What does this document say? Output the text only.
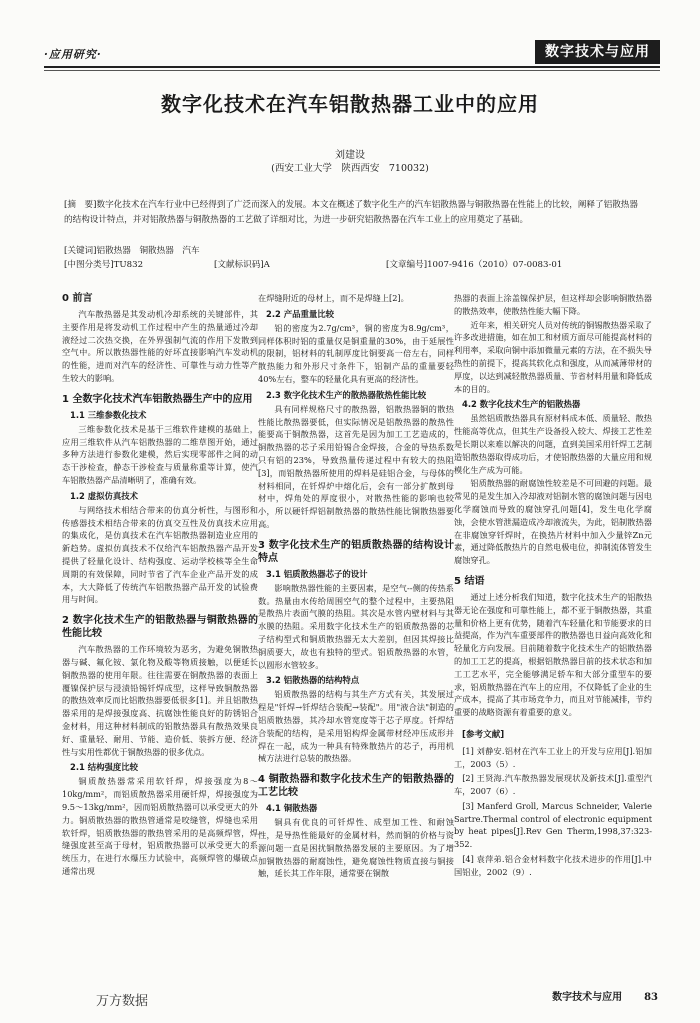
·应用研究·	数字技术与应用
数字化技术在汽车铝散热器工业中的应用
刘建设
(西安工业大学　陕西西安　710032)
[摘　要]数字化技术在汽车行业中已经得到了广泛而深入的发展。本文在概述了数字化生产的汽车铝散热器与铜散热器在性能上的比较，阐释了铝散热器的结构设计特点，并对铝散热器与铜散热器的工艺做了详细对比，为进一步研究铝散热器在汽车工业上的应用奠定了基础。
[关键词]铝散热器　铜散热器　汽车
[中图分类号]TU832	[文献标识码]A	[文章编号]1007-9416（2010）07-0083-01
0 前言

汽车散热器是其发动机冷却系统的关键部件，其主要作用是将发动机工作过程中产生的热量通过冷却液经过二次热交换，在外界强制气流的作用下发散到空气中。所以散热器性能的好坏直接影响汽车发动机的性能，进而对汽车的经济性、可靠性与动力性等产生较大的影响。

1 全数字化技术汽车铝散热器生产中的应用
1.1 三维参数化技术

三维参数化技术是基于三维软件建模的基础上，应用三维软件从汽车铝散热器的二维草图开始，通过多种方法进行参数化建模，然后实现零部件之间的动态干涉检查，静态干涉检查与质量称重等计算，使汽车铝散热器产品清晰明了，准确有效。

1.2 虚拟仿真技术

与网络技术相结合带来的仿真分析性，与图形和传感器技术相结合带来的仿真交互性及仿真技术应用的集成化，是仿真技术在汽车铝散热器制造业应用的新趋势。虚拟仿真技术不仅给汽车铝散热器产品开发提供了轻量化设计、结构强度、运动学校核等全生命周期的有效保障，同时节省了汽车企业产品开发的成本，大大降低了传统汽车铝散热器产品开发的试验费用与时间。

2 数字化技术生产的铝散热器与铜散热器的性能比较

汽车散热器的工作环境较为恶劣，为避免铜散热器与碱、氟化铵、氯化物及酸等物质接触，以便延长铜散热器的使用年限。往往需要在铜散热器的表面上覆镍保护层与浸渍铅锡钎焊成型，这样导致铜散热器的散热效率反而比铝散热器要低很多[1]。并且铝散热器采用的是焊接强度高、抗腐蚀性能良好的防锈铝合金材料，用这种材料制成的铝散热器具有散热效果良好、重量轻、耐用、节能、造价低、装拆方便、经济性与实用性都优于铜散热器的很多优点。

2.1 结构强度比较

铜质散热器常采用软钎焊，焊接强度为8～10kg/mm²，而铝质散热器采用硬钎焊，焊接强度为9.5～13kg/mm²，因而铝质散热器可以承受更大的外力。铜质散热器的散热管通常是咬缝管，焊缝也采用软钎焊，铝质散热器的散热管采用的是高频焊管，焊缝强度甚至高于母材，铝质散热器可以承受更大的系统压力，在进行水爆压力试验中，高频焊管的爆破点通常出现

在焊缝附近的母材上，而不是焊缝上[2]。

2.2 产品重量比较

铝的密度为2.7g/cm³，铜的密度为8.9g/cm³，同样体积时铝的重量仅是铜重量的30%，由于延展性的限制，铝材料的轧制厚度比铜要高一倍左右，同样散热能力和外形尺寸条件下，铝制产品的重量要轻40%左右，整车的轻量化具有更高的经济性。

2.3 数字化技术生产的散热器散热性能比较

具有同样规格尺寸的散热器，铝散热器铜的散热性能比散热器要低，但实际情况是铝散热器的散热性能要高于铜散热器，这首先是因为加工工艺造成的，铜散热器的芯子采用铅锡合金焊接，合金的导热系数只有铝的23%，导致热量传递过程中有较大的热阻[3]，而铝散热器所使用的焊料是硅铝合金，与母体的材料相同，在钎焊炉中熔化后，会有一部分扩散到母材中，焊角处的厚度很小，对散热性能的影响也较小，所以硬钎焊铝制散热器的散热性能比铜散热器要高。

3 数字化技术生产的铝质散热器的结构设计特点
3.1 铝质散热器芯子的设计

影响散热器性能的主要因素，是空气--侧的传热系数。热量由水传给周围空气的整个过程中，主要热阻是散热片表面气膜的热阻。其次是水管内壁材料与其水膜的热阻。采用数字化技术生产的铝质散热器的芯子结构型式和铜质散热器无太大差别，但因其焊接比铜质要大，故也有独特的型式。铝质散热器的水管，以圆形水管较多。

3.2 铝散热器的结构特点

铝质散热器的结构与其生产方式有关，其发展过程是"钎焊→钎焊结合装配→装配"。用"液合法"制造的铝质散热器，其冷却水管宽度等于芯子厚度。钎焊结合装配的结构，是采用铝构焊金属带材经冲压成形并焊在一起，成为一种具有特殊散热片的芯子，再用机械方法进行总装的散热器。

4 铜散热器和数字化技术生产的铝散热器的工艺比较
4.1 铜散热器

铜具有优良的可钎焊性、成型加工性、和耐蚀性，是导热性能最好的金属材料，然而铜的价格与资源问题一直是困扰铜散热器发展的主要原因。为了增加铜散热器的耐腐蚀性，避免腐蚀性物质直接与铜接触，延长其工作年限，通常要在铜散

热器的表面上涂盖镍保护层，但这样却会影响铜散热器的散热效率，使散热性能大幅下降。

近年来，相关研究人员对传统的铜锡散热器采取了许多改进措施，如在加工和材质方面尽可能提高材料的利用率，采取向铜中添加微量元素的方法，在不损失导热性的前提下，提高其软化点和强度，从而减薄带材的厚度，以达到减轻散热器质量、节省材料用量和降低成本的目的。

4.2 数字化技术生产的铝散热器

虽然铝质散热器具有原材料成本低、质量轻、散热性能高等优点，但其生产设备投入较大、焊接工艺性差是长期以来难以解决的问题，直到美国采用钎焊工艺制造铝散热器取得成功后，才使铝散热器的大量应用和规模化生产成为可能。

铝质散热器的耐腐蚀性较差是不可回避的问题。最常见的是发生加入冷却液对铝制水管的腐蚀问题与因电化学腐蚀而导致的腐蚀穿孔问题[4]，发生电化学腐蚀，会使水管泄漏造成冷却液流失，为此，铝制散热器在非腐蚀穿钎焊时，在换热片材料中加入少量锌Zn元素，通过降低散热片的自然电极电位，抑制流体管发生腐蚀穿孔。

5 结语

通过上述分析我们知道，数字化技术生产的铝散热器无论在强度和可靠性能上，都不亚于铜散热器，其重量和价格上更有优势，随着汽车轻量化和节能要求的日益提高，作为汽车重要部件的散热器也日益向高效化和轻量化方向发展。目前随着数字化技术生产的铝散热器的加工工艺的提高，根据铝散热器目前的技术状态和加工工艺水平，完全能够满足轿车和大部分重型车的要求，铝质散热器在汽车上的应用，不仅降低了企业的生产成本，提高了其市场竞争力，而且对节能减排，节约重要的战略资源有着重要的意义。

[参考文献]

[1] 刘静安.铝材在汽车工业上的开发与应用[J].铝加工，2003（5）.

[2] 王贤海.汽车散热器发展现状及新技术[J].重型汽车，2007（6）.

[3] Manferd Groll, Marcus Schneider, Valerie Sartre.Thermal control of electronic equipment by heat pipes[J].Rev Gen Therm,1998,37:323-352.

[4] 袁萍弟.铝合金材料数字化技术进步的作用[J].中国铝业，2002（9）.

万方数据	数字技术与应用 83
